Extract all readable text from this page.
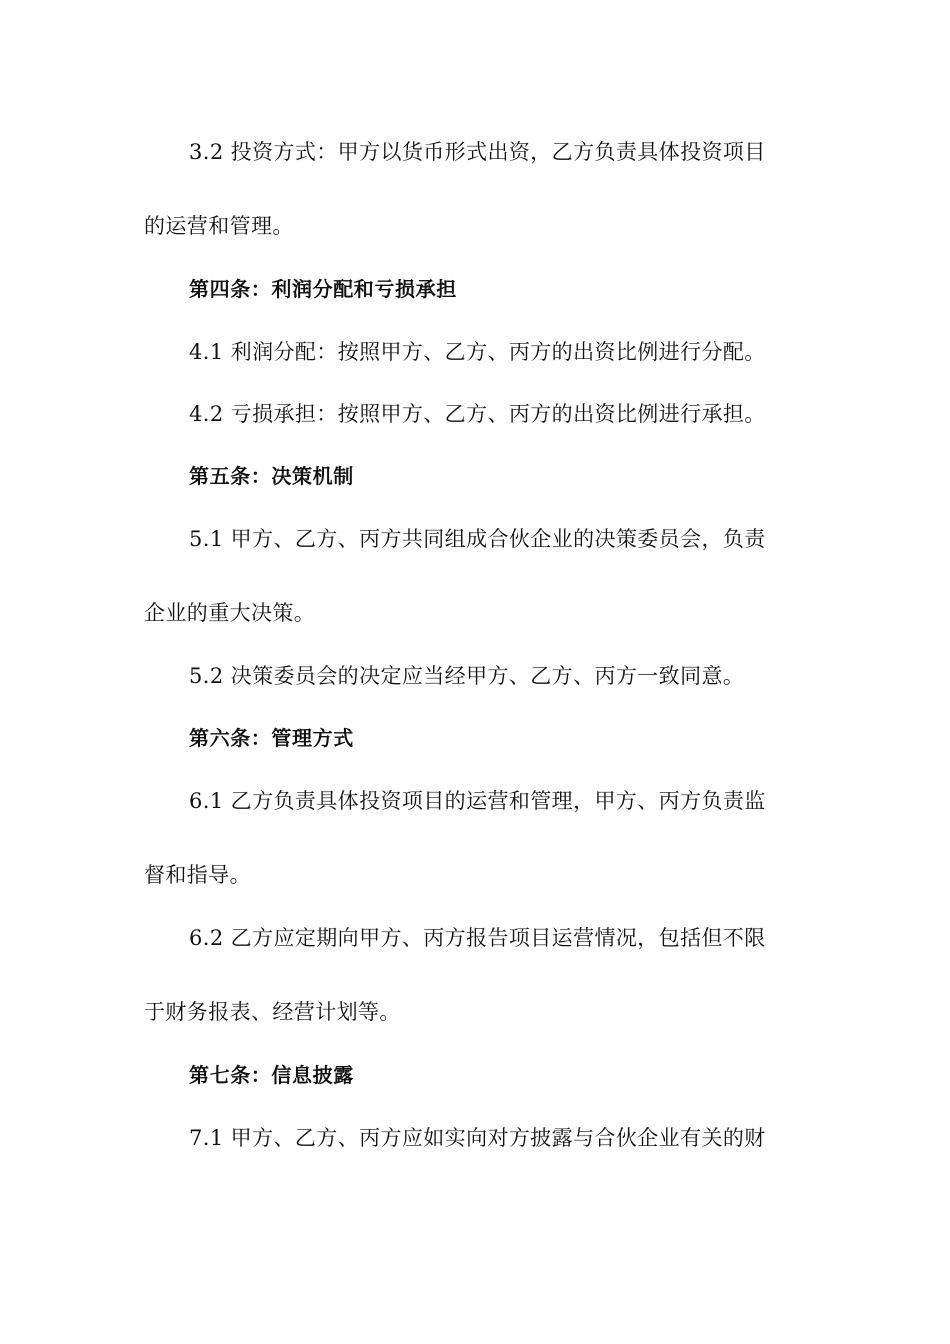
3.2 投资方式：甲方以货币形式出资，乙方负责具体投资项目
的运营和管理。
第四条：利润分配和亏损承担
4.1 利润分配：按照甲方、乙方、丙方的出资比例进行分配。
4.2 亏损承担：按照甲方、乙方、丙方的出资比例进行承担。
第五条：决策机制
5.1 甲方、乙方、丙方共同组成合伙企业的决策委员会，负责
企业的重大决策。
5.2 决策委员会的决定应当经甲方、乙方、丙方一致同意。
第六条：管理方式
6.1 乙方负责具体投资项目的运营和管理，甲方、丙方负责监
督和指导。
6.2 乙方应定期向甲方、丙方报告项目运营情况，包括但不限
于财务报表、经营计划等。
第七条：信息披露
7.1 甲方、乙方、丙方应如实向对方披露与合伙企业有关的财
